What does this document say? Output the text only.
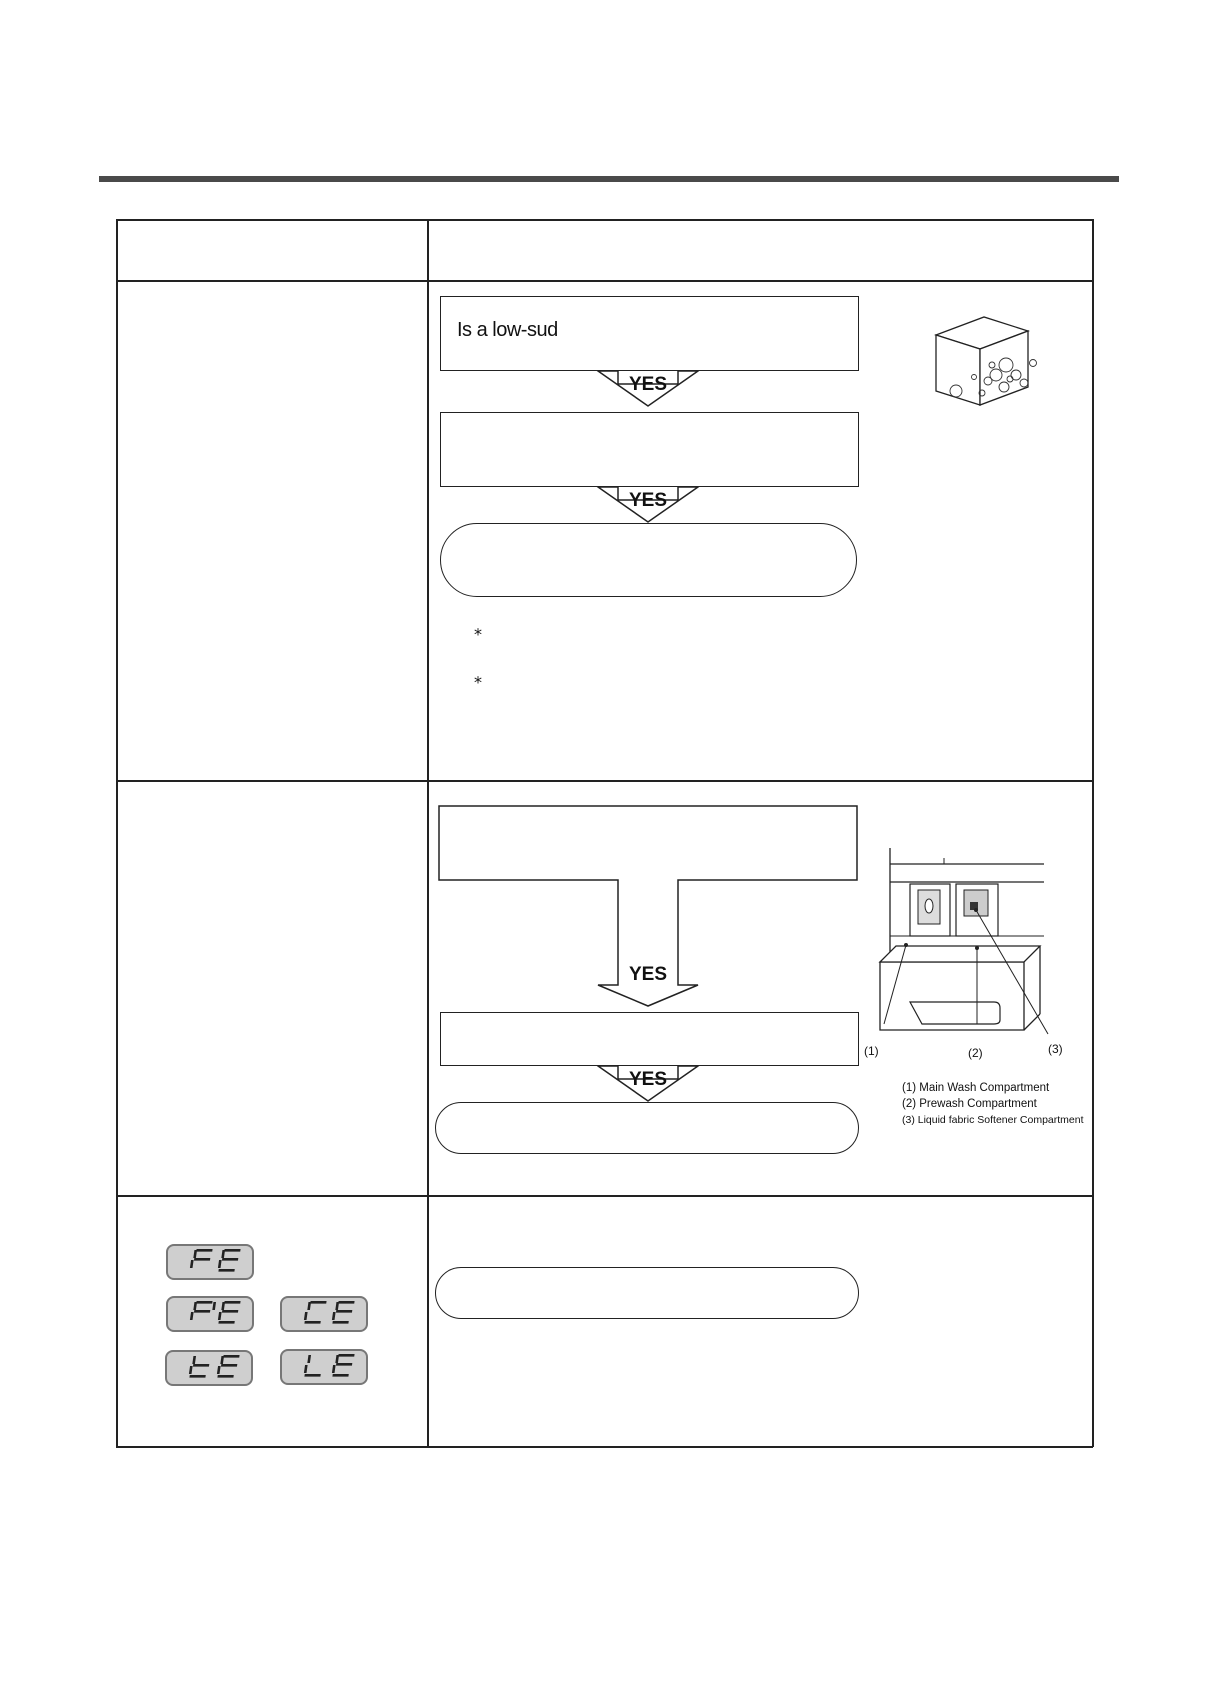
Is a low-sud
YES
YES
⁎
⁎
YES
YES
(1)	(2)	(3)
(1) Main Wash Compartment
(2) Prewash Compartment
(3) Liquid fabric Softener Compartment
